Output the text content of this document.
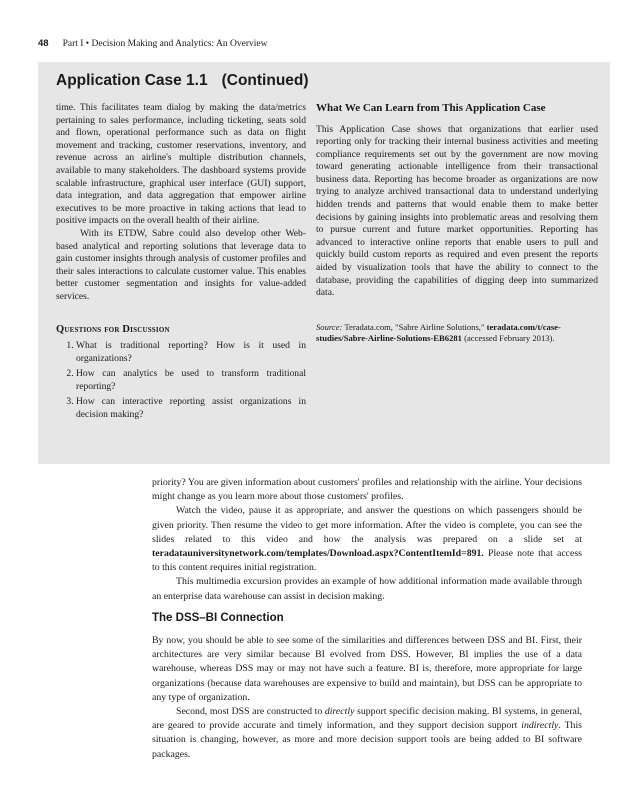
48 Part I • Decision Making and Analytics: An Overview
Application Case 1.1 (Continued)

time. This facilitates team dialog by making the data/metrics pertaining to sales performance, including ticketing, seats sold and flown, operational performance such as data on flight movement and tracking, customer reservations, inventory, and revenue across an airline's multiple distribution channels, available to many stakeholders. The dashboard systems provide scalable infrastructure, graphical user interface (GUI) support, data integration, and data aggregation that empower airline executives to be more proactive in taking actions that lead to positive impacts on the overall health of their airline.

With its ETDW, Sabre could also develop other Web-based analytical and reporting solutions that leverage data to gain customer insights through analysis of customer profiles and their sales interactions to calculate customer value. This enables better customer segmentation and insights for value-added services.

Questions for Discussion

1. What is traditional reporting? How is it used in organizations?
2. How can analytics be used to transform traditional reporting?
3. How can interactive reporting assist organizations in decision making?

What We Can Learn from This Application Case

This Application Case shows that organizations that earlier used reporting only for tracking their internal business activities and meeting compliance requirements set out by the government are now moving toward generating actionable intelligence from their transactional business data. Reporting has become broader as organizations are now trying to analyze archived transactional data to understand underlying hidden trends and patterns that would enable them to make better decisions by gaining insights into problematic areas and resolving them to pursue current and future market opportunities. Reporting has advanced to interactive online reports that enable users to pull and quickly build custom reports as required and even present the reports aided by visualization tools that have the ability to connect to the database, providing the capabilities of digging deep into summarized data.

Source: Teradata.com, "Sabre Airline Solutions," teradata.com/t/case-studies/Sabre-Airline-Solutions-EB6281 (accessed February 2013).

priority? You are given information about customers' profiles and relationship with the airline. Your decisions might change as you learn more about those customers' profiles.

Watch the video, pause it as appropriate, and answer the questions on which passengers should be given priority. Then resume the video to get more information. After the video is complete, you can see the slides related to this video and how the analysis was prepared on a slide set at teradatauniversitynetwork.com/templates/Download.aspx?ContentItemId=891. Please note that access to this content requires initial registration.

This multimedia excursion provides an example of how additional information made available through an enterprise data warehouse can assist in decision making.

The DSS–BI Connection

By now, you should be able to see some of the similarities and differences between DSS and BI. First, their architectures are very similar because BI evolved from DSS. However, BI implies the use of a data warehouse, whereas DSS may or may not have such a feature. BI is, therefore, more appropriate for large organizations (because data warehouses are expensive to build and maintain), but DSS can be appropriate to any type of organization.

Second, most DSS are constructed to directly support specific decision making. BI systems, in general, are geared to provide accurate and timely information, and they support decision support indirectly. This situation is changing, however, as more and more decision support tools are being added to BI software packages.
